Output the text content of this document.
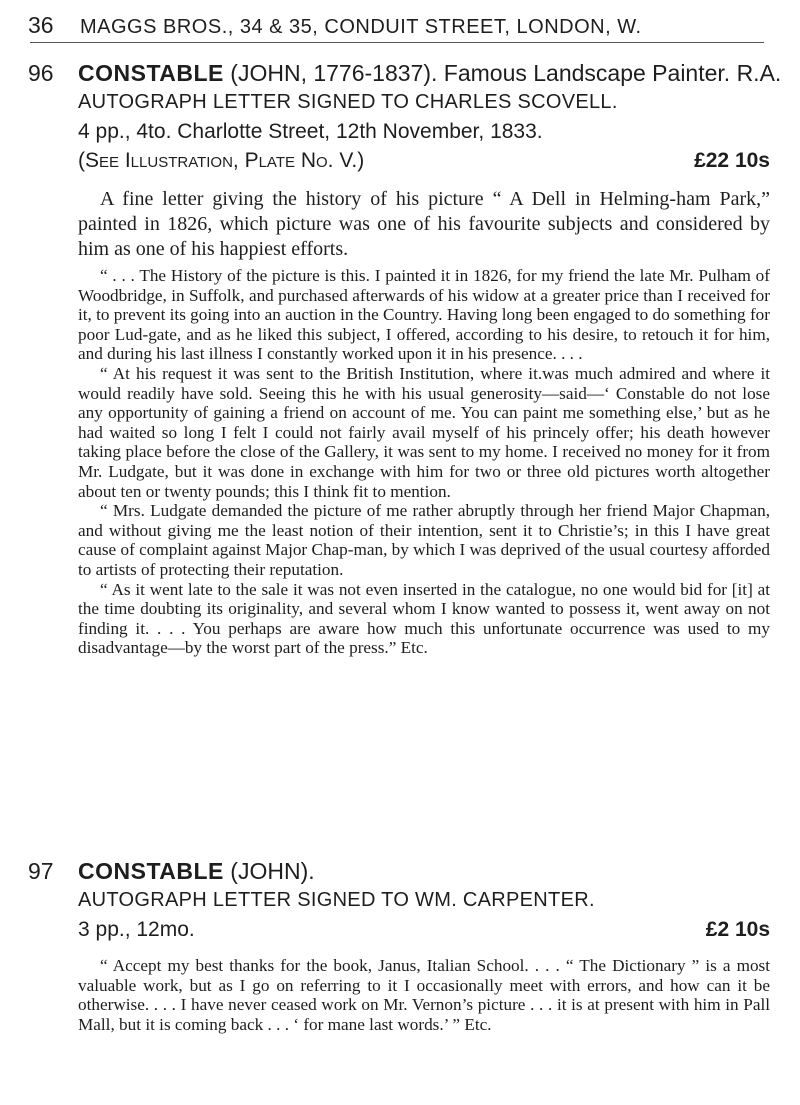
36	MAGGS BROS., 34 & 35, CONDUIT STREET, LONDON, W.
96 CONSTABLE (JOHN, 1776-1837). Famous Landscape Painter. R.A.
AUTOGRAPH LETTER SIGNED TO CHARLES SCOVELL.
4 pp., 4to. Charlotte Street, 12th November, 1833.
(See Illustration, Plate No. V.)	£22 10s

A fine letter giving the history of his picture “ A Dell in Helming-ham Park,” painted in 1826, which picture was one of his favourite subjects and considered by him as one of his happiest efforts.

“ . . . The History of the picture is this. I painted it in 1826, for my friend the late Mr. Pulham of Woodbridge, in Suffolk, and purchased afterwards of his widow at a greater price than I received for it, to prevent its going into an auction in the Country. Having long been engaged to do something for poor Lud-gate, and as he liked this subject, I offered, according to his desire, to retouch it for him, and during his last illness I constantly worked upon it in his presence. . . .

“ At his request it was sent to the British Institution, where it.was much admired and where it would readily have sold. Seeing this he with his usual generosity—said—‘ Constable do not lose any opportunity of gaining a friend on account of me. You can paint me something else,’ but as he had waited so long I felt I could not fairly avail myself of his princely offer; his death however taking place before the close of the Gallery, it was sent to my home. I received no money for it from Mr. Ludgate, but it was done in exchange with him for two or three old pictures worth altogether about ten or twenty pounds; this I think fit to mention.

“ Mrs. Ludgate demanded the picture of me rather abruptly through her friend Major Chapman, and without giving me the least notion of their intention, sent it to Christie’s; in this I have great cause of complaint against Major Chap-man, by which I was deprived of the usual courtesy afforded to artists of protecting their reputation.

“ As it went late to the sale it was not even inserted in the catalogue, no one would bid for [it] at the time doubting its originality, and several whom I know wanted to possess it, went away on not finding it. . . . You perhaps are aware how much this unfortunate occurrence was used to my disadvantage—by the worst part of the press.” Etc.

97 CONSTABLE (JOHN).
AUTOGRAPH LETTER SIGNED TO WM. CARPENTER.
3 pp., 12mo.	£2 10s

“ Accept my best thanks for the book, Janus, Italian School. . . . “ The Dictionary ” is a most valuable work, but as I go on referring to it I occasionally meet with errors, and how can it be otherwise. . . . I have never ceased work on Mr. Vernon’s picture . . . it is at present with him in Pall Mall, but it is coming back . . . ‘ for mane last words.’ ” Etc.
